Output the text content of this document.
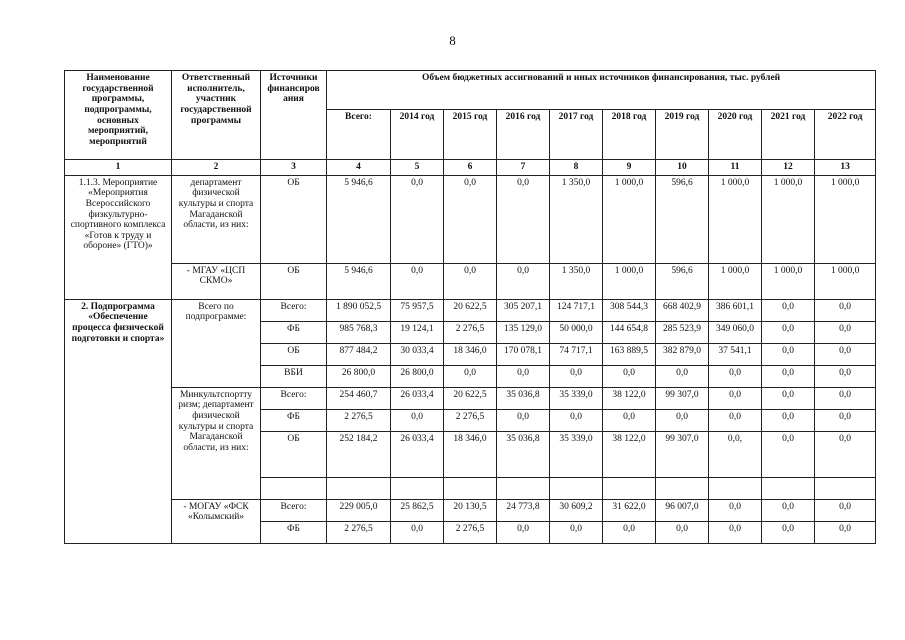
8
Наименование государственной программы, подпрограммы, основных мероприятий, мероприятий	Ответственный исполнитель, участник государственной программы	Источники финансиров ания	Объем бюджетных ассигнований и иных источников финансирования, тыс. рублей									
			Всего:	2014 год	2015 год	2016 год	2017 год	2018 год	2019 год	2020 год	2021 год	2022 год
1	2	3	4	5	6	7	8	9	10	11	12	13
1.1.3. Мероприятие «Мероприятия Всероссийского физкультурно-спортивного комплекса «Готов к труду и обороне» (ГТО)»	департамент физической культуры и спорта Магаданской области, из них:	ОБ	5 946,6	0,0	0,0	0,0	1 350,0	1 000,0	596,6	1 000,0	1 000,0	1 000,0
	- МГАУ «ЦСП СКМО»	ОБ	5 946,6	0,0	0,0	0,0	1 350,0	1 000,0	596,6	1 000,0	1 000,0	1 000,0
2. Подпрограмма «Обеспечение процесса физической подготовки и спорта»	Всего по подпрограмме:	Всего:	1 890 052,5	75 957,5	20 622,5	305 207,1	124 717,1	308 544,3	668 402,9	386 601,1	0,0	0,0
		ФБ	985 768,3	19 124,1	2 276,5	135 129,0	50 000,0	144 654,8	285 523,9	349 060,0	0,0	0,0
		ОБ	877 484,2	30 033,4	18 346,0	170 078,1	74 717,1	163 889,5	382 879,0	37 541,1	0,0	0,0
		ВБИ	26 800,0	26 800,0	0,0	0,0	0,0	0,0	0,0	0,0	0,0	0,0
	Минкультспортту ризм; департамент физической культуры и спорта Магаданской области, из них:	Всего:	254 460,7	26 033,4	20 622,5	35 036,8	35 339,0	38 122,0	99 307,0	0,0	0,0	0,0
		ФБ	2 276,5	0,0	2 276,5	0,0	0,0	0,0	0,0	0,0	0,0	0,0
		ОБ	252 184,2	26 033,4	18 346,0	35 036,8	35 339,0	38 122,0	99 307,0	0,0,	0,0	0,0

	- МОГАУ «ФСК «Колымский»	Всего:	229 005,0	25 862,5	20 130,5	24 773,8	30 609,2	31 622,0	96 007,0	0,0	0,0	0,0
		ФБ	2 276,5	0,0	2 276,5	0,0	0,0	0,0	0,0	0,0	0,0	0,0
